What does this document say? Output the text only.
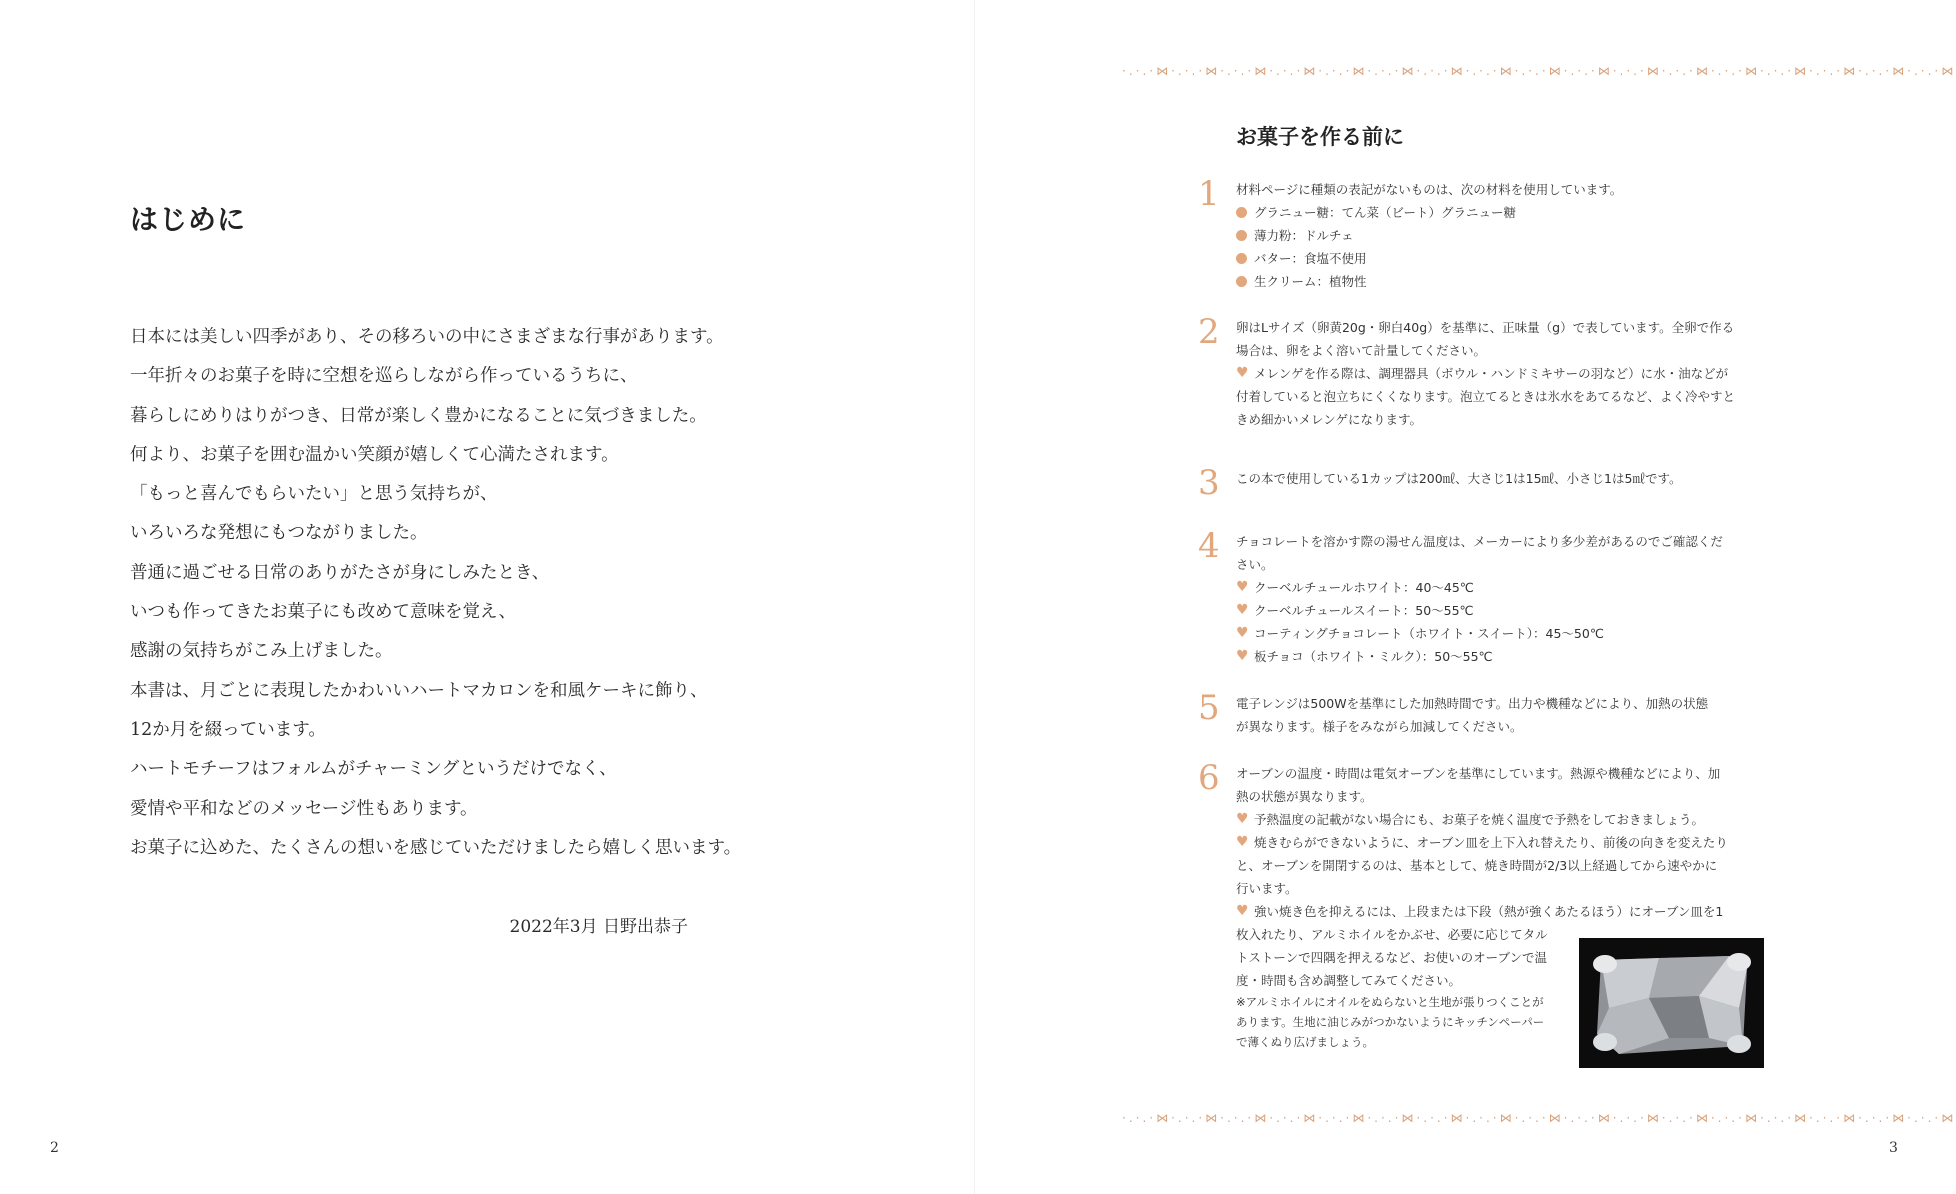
はじめに
日本には美しい四季があり、その移ろいの中にさまざまな行事があります。
一年折々のお菓子を時に空想を巡らしながら作っているうちに、
暮らしにめりはりがつき、日常が楽しく豊かになることに気づきました。
何より、お菓子を囲む温かい笑顔が嬉しくて心満たされます。
「もっと喜んでもらいたい」と思う気持ちが、
いろいろな発想にもつながりました。
普通に過ごせる日常のありがたさが身にしみたとき、
いつも作ってきたお菓子にも改めて意味を覚え、
感謝の気持ちがこみ上げました。
本書は、月ごとに表現したかわいいハートマカロンを和風ケーキに飾り、
12か月を綴っています。
ハートモチーフはフォルムがチャーミングというだけでなく、
愛情や平和などのメッセージ性もあります。
お菓子に込めた、たくさんの想いを感じていただけましたら嬉しく思います。
2022年3月 日野出恭子
2
·.·.·⋈·.·.·⋈·.·.·⋈·.·.·⋈·.·.·⋈·.·.·⋈·.·.·⋈·.·.·⋈·.·.·⋈·.·.·⋈·.·.·⋈·.·.·⋈·.·.·⋈·.·.·⋈·.·.·⋈·.·.·⋈·.·.·⋈
·.·.·⋈·.·.·⋈·.·.·⋈·.·.·⋈·.·.·⋈·.·.·⋈·.·.·⋈·.·.·⋈·.·.·⋈·.·.·⋈·.·.·⋈·.·.·⋈·.·.·⋈·.·.·⋈·.·.·⋈·.·.·⋈·.·.·⋈
お菓子を作る前に
1 材料ページに種類の表記がないものは、次の材料を使用しています。

グラニュー糖：てん菜（ビート）グラニュー糖
薄力粉：ドルチェ
バター：食塩不使用
生クリーム：植物性
2 卵はLサイズ（卵黄20g・卵白40g）を基準に、正味量（g）で表しています。全卵で作る

場合は、卵をよく溶いて計量してください。

♥ メレンゲを作る際は、調理器具（ボウル・ハンドミキサーの羽など）に水・油などが

付着していると泡立ちにくくなります。泡立てるときは氷水をあてるなど、よく冷やすと

きめ細かいメレンゲになります。

3 この本で使用している1カップは200㎖、大さじ1は15㎖、小さじ1は5㎖です。

4 チョコレートを溶かす際の湯せん温度は、メーカーにより多少差があるのでご確認くだ

さい。

♥ クーベルチュールホワイト：40〜45℃
♥ クーベルチュールスイート：50〜55℃
♥ コーティングチョコレート（ホワイト・スイート）：45〜50℃
♥ 板チョコ（ホワイト・ミルク）：50〜55℃
5 電子レンジは500Wを基準にした加熱時間です。出力や機種などにより、加熱の状態

が異なります。様子をみながら加減してください。

6 オーブンの温度・時間は電気オーブンを基準にしています。熱源や機種などにより、加

熱の状態が異なります。

♥ 予熱温度の記載がない場合にも、お菓子を焼く温度で予熱をしておきましょう。
♥ 焼きむらができないように、オーブン皿を上下入れ替えたり、前後の向きを変えたり

と、オーブンを開閉するのは、基本として、焼き時間が2/3以上経過してから速やかに

行います。

♥ 強い焼き色を抑えるには、上段または下段（熱が強くあたるほう）にオーブン皿を1

枚入れたり、アルミホイルをかぶせ、必要に応じてタル

トストーンで四隅を押えるなど、お使いのオーブンで温

度・時間も含め調整してみてください。

※アルミホイルにオイルをぬらないと生地が張りつくことが

あります。生地に油じみがつかないようにキッチンペーパー

で薄くぬり広げましょう。

3
